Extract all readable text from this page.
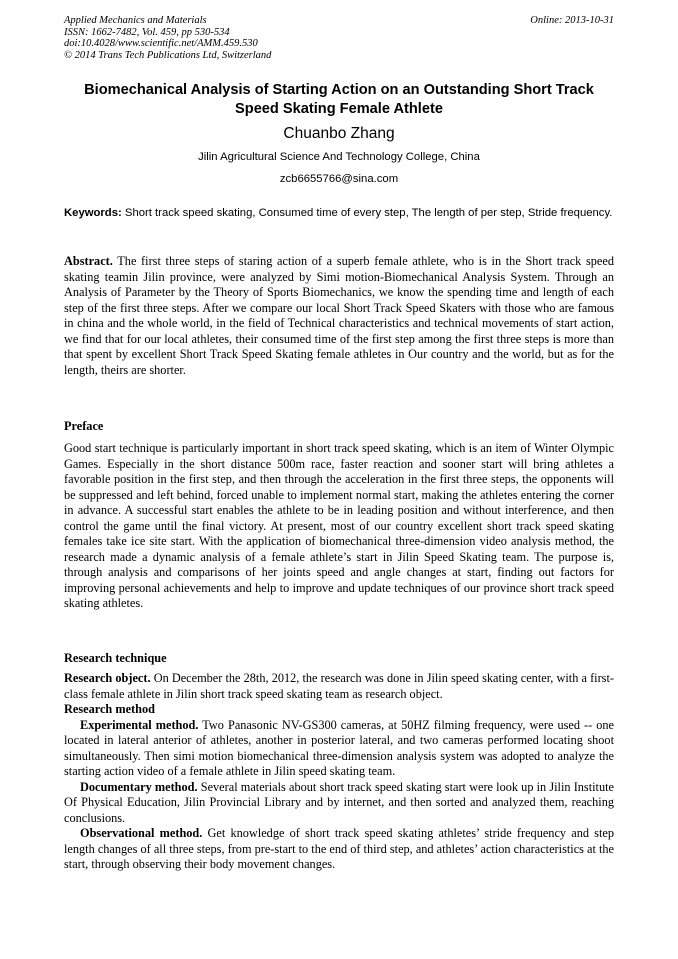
Applied Mechanics and Materials
ISSN: 1662-7482, Vol. 459, pp 530-534
doi:10.4028/www.scientific.net/AMM.459.530
© 2014 Trans Tech Publications Ltd, Switzerland
Online: 2013-10-31
Biomechanical Analysis of Starting Action on an Outstanding Short Track Speed Skating Female Athlete
Chuanbo Zhang
Jilin Agricultural Science And Technology College, China
zcb6655766@sina.com
Keywords: Short track speed skating, Consumed time of every step, The length of per step, Stride frequency.

Abstract. The first three steps of staring action of a superb female athlete, who is in the Short track speed skating teamin Jilin province, were analyzed by Simi motion-Biomechanical Analysis System. Through an Analysis of Parameter by the Theory of Sports Biomechanics, we know the spending time and length of each step of the first three steps. After we compare our local Short Track Speed Skaters with those who are famous in china and the whole world, in the field of Technical characteristics and technical movements of start action, we find that for our local athletes, their consumed time of the first step among the first three steps is more than that spent by excellent Short Track Speed Skating female athletes in Our country and the world, but as for the length, theirs are shorter.

Preface
Good start technique is particularly important in short track speed skating, which is an item of Winter Olympic Games. Especially in the short distance 500m race, faster reaction and sooner start will bring athletes a favorable position in the first step, and then through the acceleration in the first three steps, the opponents will be suppressed and left behind, forced unable to implement normal start, making the athletes entering the corner in advance. A successful start enables the athlete to be in leading position and without interference, and then control the game until the final victory. At present, most of our country excellent short track speed skating females take ice site start. With the application of biomechanical three-dimension video analysis method, the research made a dynamic analysis of a female athlete’s start in Jilin Speed Skating team. The purpose is, through analysis and comparisons of her joints speed and angle changes at start, finding out factors for improving personal achievements and help to improve and update techniques of our province short track speed skating athletes.
Research technique

Research object. On December the 28th, 2012, the research was done in Jilin speed skating center, with a first-class female athlete in Jilin short track speed skating team as research object.

Research method

Experimental method. Two Panasonic NV-GS300 cameras, at 50HZ filming frequency, were used -- one located in lateral anterior of athletes, another in posterior lateral, and two cameras performed locating shoot simultaneously. Then simi motion biomechanical three-dimension analysis system was adopted to analyze the starting action video of a female athlete in Jilin speed skating team.

Documentary method. Several materials about short track speed skating start were look up in Jilin Institute Of Physical Education, Jilin Provincial Library and by internet, and then sorted and analyzed them, reaching conclusions.

Observational method. Get knowledge of short track speed skating athletes’ stride frequency and step length changes of all three steps, from pre-start to the end of third step, and athletes’ action characteristics at the start, through observing their body movement changes.
